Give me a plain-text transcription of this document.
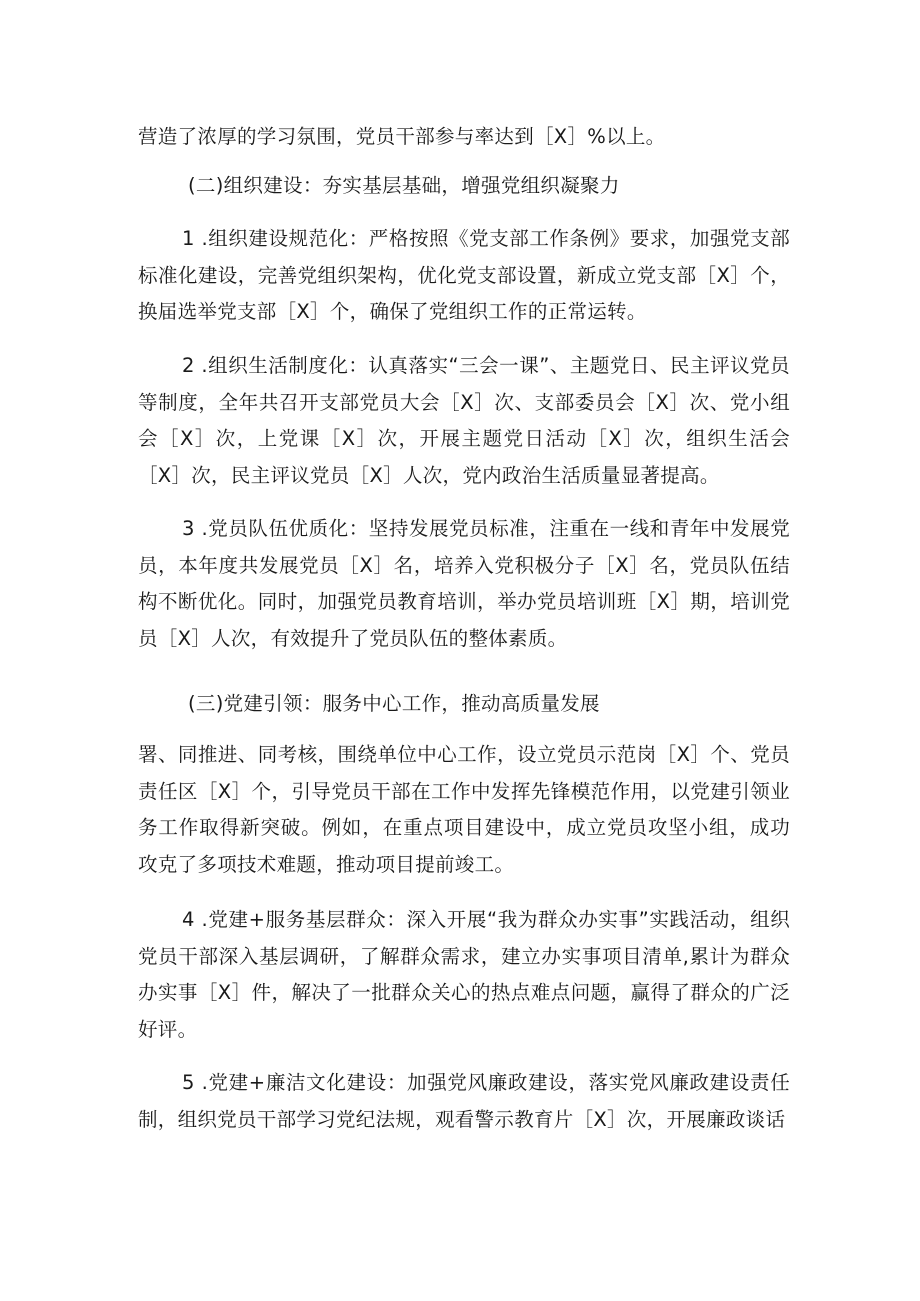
营造了浓厚的学习氛围，党员干部参与率达到［X］%以上。

(二)组织建设：夯实基层基础，增强党组织凝聚力

1 .组织建设规范化：严格按照《党支部工作条例》要求，加强党支部标准化建设，完善党组织架构，优化党支部设置，新成立党支部［X］个，换届选举党支部［X］个，确保了党组织工作的正常运转。

2 .组织生活制度化：认真落实“三会一课”、主题党日、民主评议党员等制度，全年共召开支部党员大会［X］次、支部委员会［X］次、党小组会［X］次，上党课［X］次，开展主题党日活动［X］次，组织生活会［X］次，民主评议党员［X］人次，党内政治生活质量显著提高。

3 .党员队伍优质化：坚持发展党员标准，注重在一线和青年中发展党员，本年度共发展党员［X］名，培养入党积极分子［X］名，党员队伍结构不断优化。同时，加强党员教育培训，举办党员培训班［X］期，培训党员［X］人次，有效提升了党员队伍的整体素质。

(三)党建引领：服务中心工作，推动高质量发展

署、同推进、同考核，围绕单位中心工作，设立党员示范岗［X］个、党员责任区［X］个，引导党员干部在工作中发挥先锋模范作用，以党建引领业务工作取得新突破。例如，在重点项目建设中，成立党员攻坚小组，成功攻克了多项技术难题，推动项目提前竣工。

4 .党建+服务基层群众：深入开展“我为群众办实事”实践活动，组织党员干部深入基层调研，了解群众需求，建立办实事项目清单,累计为群众办实事［X］件，解决了一批群众关心的热点难点问题，赢得了群众的广泛好评。

5 .党建+廉洁文化建设：加强党风廉政建设，落实党风廉政建设责任制，组织党员干部学习党纪法规，观看警示教育片［X］次，开展廉政谈话
